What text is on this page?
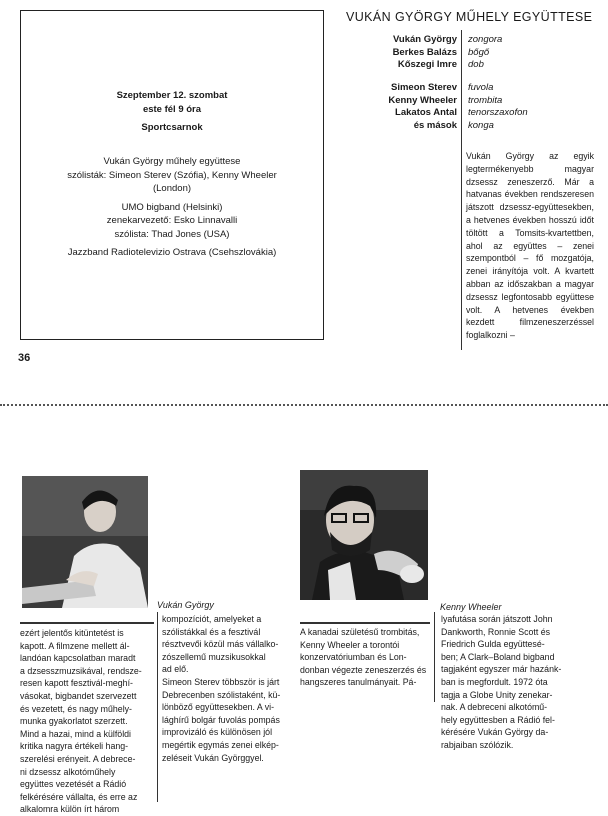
Szeptember 12. szombat
este fél 9 óra
Sportcsarnok
Vukán György műhely együttese
szólisták: Simeon Sterev (Szófia), Kenny Wheeler
(London)
UMO bigband (Helsinki)
zenekarvezető: Esko Linnavalli
szólista: Thad Jones (USA)
Jazzband Radiotelevizio Ostrava (Csehszlovákia)
36
VUKÁN GYÖRGY MŰHELY EGYÜTTESE
Vukán György
Berkes Balázs
Kőszegi Imre
zongora
bőgő
dob
Simeon Sterev
Kenny Wheeler
Lakatos Antal
és mások
fuvola
trombita
tenorszaxofon
konga
Vukán György az egyik legtermékenyebb magyar dzsessz zeneszerző. Már a hatvanas években rendszeresen játszott dzsessz-együttesekben, a hetvenes években hosszú időt töltött a Tomsits-kvartettben, ahol az együttes – zenei szempontból – fő mozgatója, zenei irányítója volt. A kvartett abban az időszakban a magyar dzsessz legfontosabb együttese volt. A hetvenes években kezdett filmzeneszerzéssel foglalkozni –
Vukán György	Kenny Wheeler
ezért jelentős kitüntetést is
kapott. A filmzene mellett ál-
landóan kapcsolatban maradt
a dzsesszmuzsikával, rendsze-
resen kapott fesztivál-meghí-
vásokat, bigbandet szervezett
és vezetett, és nagy műhely-
munka gyakorlatot szerzett.
Mind a hazai, mind a külföldi
kritika nagyra értékeli hang-
szerelési erényeit. A debrece-
ni dzsessz alkotóműhely
együttes vezetését a Rádió
felkérésére vállalta, és erre az
alkalomra külön írt három
kompozíciót, amelyeket a
szólistákkal és a fesztivál
résztvevői közül más vállalko-
zószellemű muzsikusokkal
ad elő.
Simeon Sterev többször is járt
Debrecenben szólistaként, kü-
lönböző együttesekben. A vi-
lághírű bolgár fuvolás pompás
improvizáló és különösen jól
megértik egymás zenei elkép-
zeléseit Vukán Györggyel.
A kanadai születésű trombitás,
Kenny Wheeler a torontói
konzervatóriumban és Lon-
donban végezte zeneszerzés és
hangszeres tanulmányait. Pá-
lyafutása során játszott John
Dankworth, Ronnie Scott és
Friedrich Gulda együttesé-
ben; A Clark–Boland bigband
tagjaként egyszer már hazánk-
ban is megfordult. 1972 óta
tagja a Globe Unity zenekar-
nak. A debreceni alkotómű-
hely együttesben a Rádió fel-
kérésére Vukán György da-
rabjaiban szólózik.
